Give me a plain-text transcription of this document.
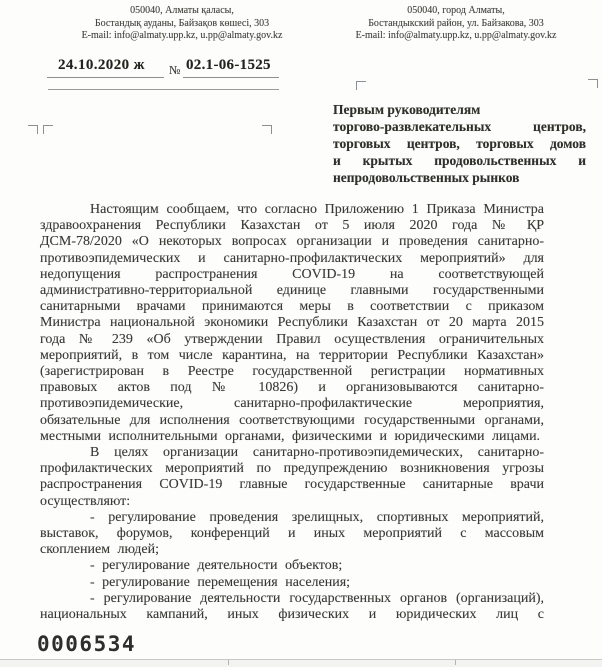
050040, Алматы қаласы,
Бостандық ауданы, Байзақов көшесі, 303
E-mail: info@almaty.upp.kz, u.pp@almaty.gov.kz
050040, город Алматы,
Бостандыкский район, ул. Байзакова, 303
E-mail: info@almaty.upp.kz, u.pp@almaty.gov.kz
24.10.2020 ж № 02.1-06-1525
Первым руководителям
торгово-развлекательных центров,
торговых центров, торговых домов
и крытых продовольственных и
непродовольственных рынков

Настоящим сообщаем, что согласно Приложению 1 Приказа Министра здравоохранения Республики Казахстан от 5 июля 2020 года № ҚР ДСМ-78/2020 «О некоторых вопросах организации и проведения санитарно-противоэпидемических и санитарно-профилактических мероприятий» для недопущения распространения COVID-19 на соответствующей административно-территориальной единице главными государственными санитарными врачами принимаются меры в соответствии с приказом Министра национальной экономики Республики Казахстан от 20 марта 2015 года № 239 «Об утверждении Правил осуществления ограничительных мероприятий, в том числе карантина, на территории Республики Казахстан» (зарегистрирован в Реестре государственной регистрации нормативных правовых актов под № 10826) и организовываются санитарно-противоэпидемические, санитарно-профилактические мероприятия, обязательные для исполнения соответствующими государственными органами, местными исполнительными органами, физическими и юридическими лицами.

В целях организации санитарно-противоэпидемических, санитарно-профилактических мероприятий по предупреждению возникновения угрозы распространения COVID-19 главные государственные санитарные врачи осуществляют:

- регулирование проведения зрелищных, спортивных мероприятий, выставок, форумов, конференций и иных мероприятий с массовым скоплением людей;

- регулирование деятельности объектов;

- регулирование перемещения населения;

- регулирование деятельности государственных органов (организаций), национальных кампаний, иных физических и юридических лиц с

0006534
